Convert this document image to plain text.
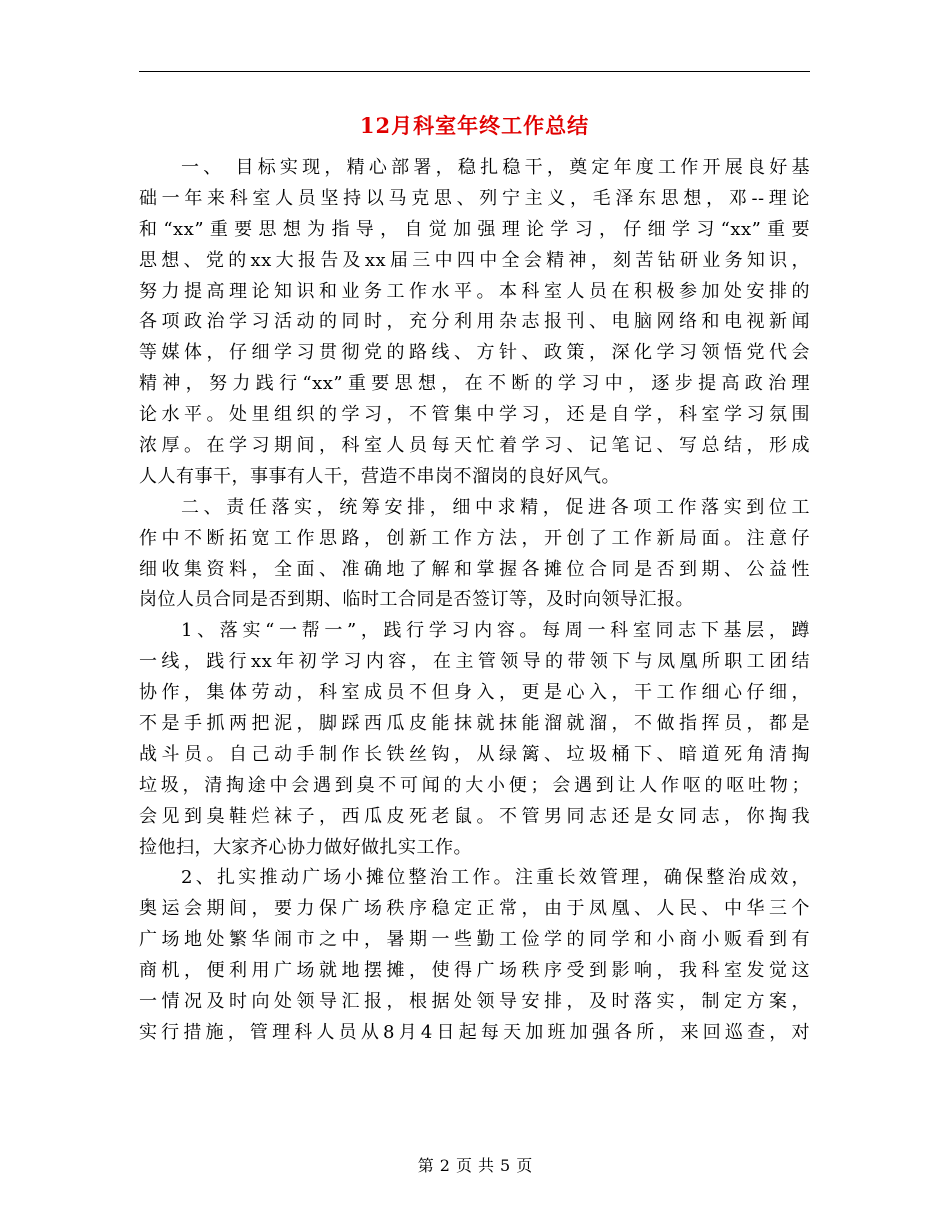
12月科室年终工作总结
一、 目标实现，精心部署，稳扎稳干，奠定年度工作开展良好基
础一年来科室人员坚持以马克思、列宁主义，毛泽东思想，邓--理论
和“xx”重要思想为指导，自觉加强理论学习，仔细学习“xx”重要
思想、党的xx大报告及xx届三中四中全会精神，刻苦钻研业务知识，
努力提高理论知识和业务工作水平。本科室人员在积极参加处安排的
各项政治学习活动的同时，充分利用杂志报刊、电脑网络和电视新闻
等媒体，仔细学习贯彻党的路线、方针、政策，深化学习领悟党代会
精神，努力践行“xx”重要思想，在不断的学习中，逐步提高政治理
论水平。处里组织的学习，不管集中学习，还是自学，科室学习氛围
浓厚。在学习期间，科室人员每天忙着学习、记笔记、写总结，形成
人人有事干，事事有人干，营造不串岗不溜岗的良好风气。
二、责任落实，统筹安排，细中求精，促进各项工作落实到位工
作中不断拓宽工作思路，创新工作方法，开创了工作新局面。注意仔
细收集资料，全面、准确地了解和掌握各摊位合同是否到期、公益性
岗位人员合同是否到期、临时工合同是否签订等，及时向领导汇报。
1、落实“一帮一”，践行学习内容。每周一科室同志下基层，蹲
一线，践行xx年初学习内容，在主管领导的带领下与凤凰所职工团结
协作，集体劳动，科室成员不但身入，更是心入，干工作细心仔细，
不是手抓两把泥，脚踩西瓜皮能抹就抹能溜就溜，不做指挥员，都是
战斗员。自己动手制作长铁丝钩，从绿篱、垃圾桶下、暗道死角清掏
垃圾，清掏途中会遇到臭不可闻的大小便；会遇到让人作呕的呕吐物；
会见到臭鞋烂袜子，西瓜皮死老鼠。不管男同志还是女同志，你掏我
捡他扫，大家齐心协力做好做扎实工作。
2、扎实推动广场小摊位整治工作。注重长效管理，确保整治成效，
奥运会期间，要力保广场秩序稳定正常，由于凤凰、人民、中华三个
广场地处繁华闹市之中，暑期一些勤工俭学的同学和小商小贩看到有
商机，便利用广场就地摆摊，使得广场秩序受到影响，我科室发觉这
一情况及时向处领导汇报，根据处领导安排，及时落实，制定方案，
实行措施，管理科人员从8月4日起每天加班加强各所，来回巡查，对
第 2 页 共 5 页
